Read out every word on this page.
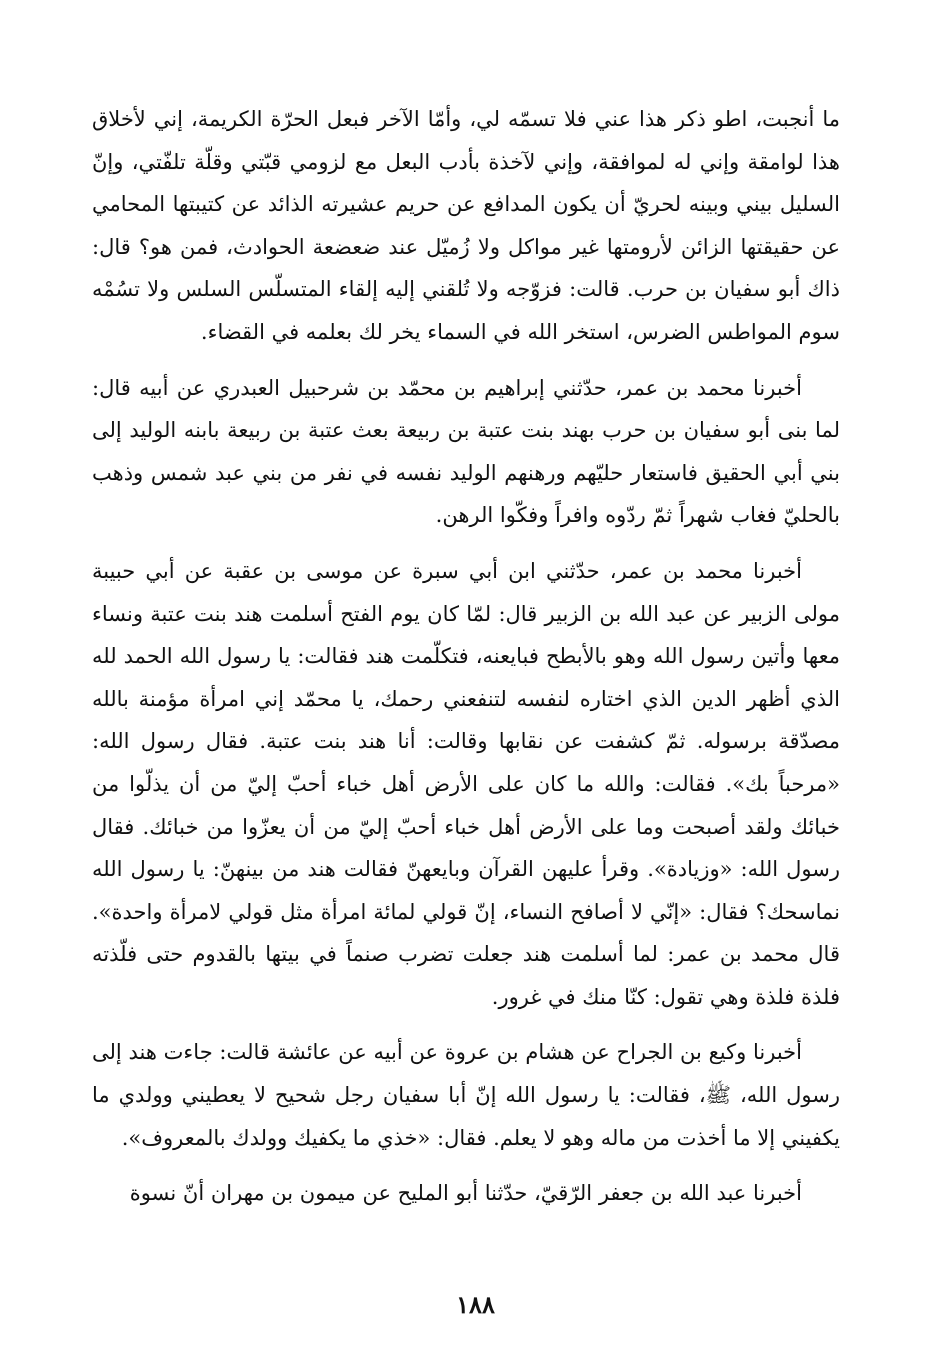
ما أنجبت، اطو ذكر هذا عني فلا تسمّه لي، وأمّا الآخر فبعل الحرّة الكريمة، إني لأخلاق هذا لوامقة وإني له لموافقة، وإني لآخذة بأدب البعل مع لزومي قبّتي وقلّة تلفّتي، وإنّ السليل بيني وبينه لحريّ أن يكون المدافع عن حريم عشيرته الذائد عن كتيبتها المحامي عن حقيقتها الزائن لأرومتها غير مواكل ولا زُميّل عند ضعضعة الحوادث، فمن هو؟ قال: ذاك أبو سفيان بن حرب. قالت: فزوّجه ولا تُلقني إليه إلقاء المتسلّس السلس ولا تسُمْه سوم المواطس الضرس، استخر الله في السماء يخر لك بعلمه في القضاء.

أخبرنا محمد بن عمر، حدّثني إبراهيم بن محمّد بن شرحبيل العبدري عن أبيه قال: لما بنى أبو سفيان بن حرب بهند بنت عتبة بن ربيعة بعث عتبة بن ربيعة بابنه الوليد إلى بني أبي الحقيق فاستعار حليّهم ورهنهم الوليد نفسه في نفر من بني عبد شمس وذهب بالحليّ فغاب شهراً ثمّ ردّوه وافراً وفكّوا الرهن.

أخبرنا محمد بن عمر، حدّثني ابن أبي سبرة عن موسى بن عقبة عن أبي حبيبة مولى الزبير عن عبد الله بن الزبير قال: لمّا كان يوم الفتح أسلمت هند بنت عتبة ونساء معها وأتين رسول الله وهو بالأبطح فبايعنه، فتكلّمت هند فقالت: يا رسول الله الحمد لله الذي أظهر الدين الذي اختاره لنفسه لتنفعني رحمك، يا محمّد إني امرأة مؤمنة بالله مصدّقة برسوله. ثمّ كشفت عن نقابها وقالت: أنا هند بنت عتبة. فقال رسول الله: «مرحباً بك». فقالت: والله ما كان على الأرض أهل خباء أحبّ إليّ من أن يذلّوا من خبائك ولقد أصبحت وما على الأرض أهل خباء أحبّ إليّ من أن يعزّوا من خبائك. فقال رسول الله: «وزيادة». وقرأ عليهن القرآن وبايعهنّ فقالت هند من بينهنّ: يا رسول الله نماسحك؟ فقال: «إنّي لا أصافح النساء، إنّ قولي لمائة امرأة مثل قولي لامرأة واحدة». قال محمد بن عمر: لما أسلمت هند جعلت تضرب صنماً في بيتها بالقدوم حتى فلّذته فلذة فلذة وهي تقول: كنّا منك في غرور.

أخبرنا وكيع بن الجراح عن هشام بن عروة عن أبيه عن عائشة قالت: جاءت هند إلى رسول الله، ﷺ، فقالت: يا رسول الله إنّ أبا سفيان رجل شحيح لا يعطيني وولدي ما يكفيني إلا ما أخذت من ماله وهو لا يعلم. فقال: «خذي ما يكفيك وولدك بالمعروف».

أخبرنا عبد الله بن جعفر الرّقيّ، حدّثنا أبو المليح عن ميمون بن مهران أنّ نسوة

١٨٨
